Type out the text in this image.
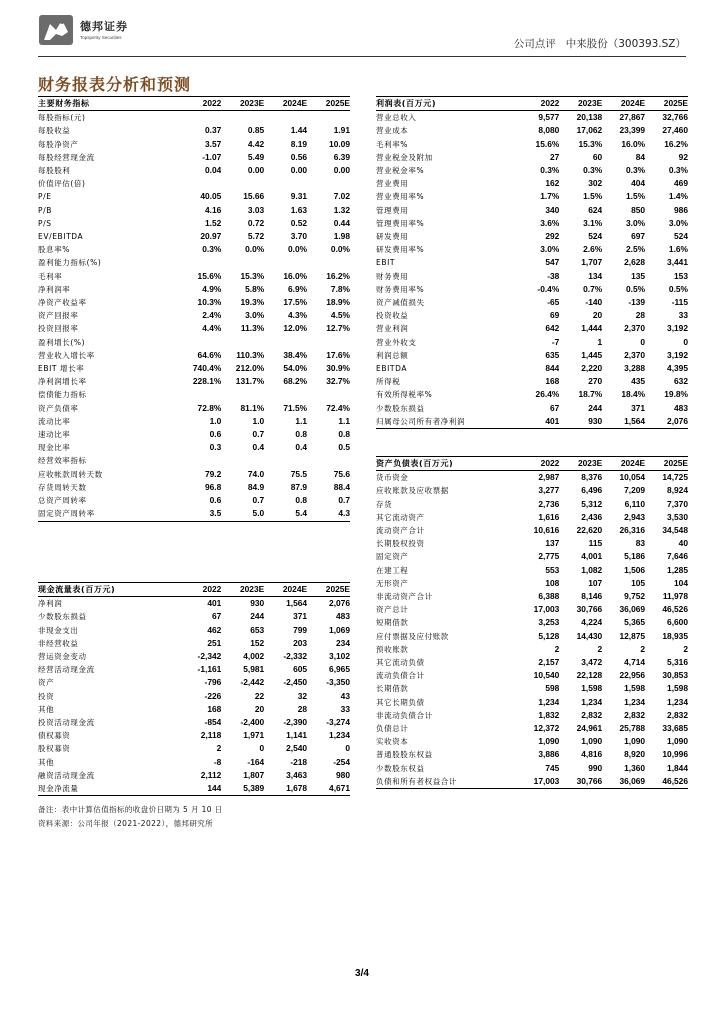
德邦证券
Topsperity Securities
公司点评 中来股份（300393.SZ）
财务报表分析和预测
主要财务指标	2022	2023E	2024E	2025E
每股指标(元)				
每股收益	0.37	0.85	1.44	1.91
每股净资产	3.57	4.42	8.19	10.09
每股经营现金流	-1.07	5.49	0.56	6.39
每股股利	0.04	0.00	0.00	0.00
价值评估(倍)				
P/E	40.05	15.66	9.31	7.02
P/B	4.16	3.03	1.63	1.32
P/S	1.52	0.72	0.52	0.44
EV/EBITDA	20.97	5.72	3.70	1.98
股息率%	0.3%	0.0%	0.0%	0.0%
盈利能力指标(%)				
毛利率	15.6%	15.3%	16.0%	16.2%
净利润率	4.9%	5.8%	6.9%	7.8%
净资产收益率	10.3%	19.3%	17.5%	18.9%
资产回报率	2.4%	3.0%	4.3%	4.5%
投资回报率	4.4%	11.3%	12.0%	12.7%
盈利增长(%)				
营业收入增长率	64.6%	110.3%	38.4%	17.6%
EBIT 增长率	740.4%	212.0%	54.0%	30.9%
净利润增长率	228.1%	131.7%	68.2%	32.7%
偿债能力指标				
资产负债率	72.8%	81.1%	71.5%	72.4%
流动比率	1.0	1.0	1.1	1.1
速动比率	0.6	0.7	0.8	0.8
现金比率	0.3	0.4	0.4	0.5
经营效率指标				
应收帐款周转天数	79.2	74.0	75.5	75.6
存货周转天数	96.8	84.9	87.9	88.4
总资产周转率	0.6	0.7	0.8	0.7
固定资产周转率	3.5	5.0	5.4	4.3
利润表(百万元)	2022	2023E	2024E	2025E
营业总收入	9,577	20,138	27,867	32,766
营业成本	8,080	17,062	23,399	27,460
毛利率%	15.6%	15.3%	16.0%	16.2%
营业税金及附加	27	60	84	92
营业税金率%	0.3%	0.3%	0.3%	0.3%
营业费用	162	302	404	469
营业费用率%	1.7%	1.5%	1.5%	1.4%
管理费用	340	624	850	986
管理费用率%	3.6%	3.1%	3.0%	3.0%
研发费用	292	524	697	524
研发费用率%	3.0%	2.6%	2.5%	1.6%
EBIT	547	1,707	2,628	3,441
财务费用	-38	134	135	153
财务费用率%	-0.4%	0.7%	0.5%	0.5%
资产减值损失	-65	-140	-139	-115
投资收益	69	20	28	33
营业利润	642	1,444	2,370	3,192
营业外收支	-7	1	0	0
利润总额	635	1,445	2,370	3,192
EBITDA	844	2,220	3,288	4,395
所得税	168	270	435	632
有效所得税率%	26.4%	18.7%	18.4%	19.8%
少数股东损益	67	244	371	483
归属母公司所有者净利润	401	930	1,564	2,076
资产负债表(百万元)	2022	2023E	2024E	2025E
货币资金	2,987	8,376	10,054	14,725
应收账款及应收票据	3,277	6,496	7,209	8,924
存货	2,736	5,312	6,110	7,370
其它流动资产	1,616	2,436	2,943	3,530
流动资产合计	10,616	22,620	26,316	34,548
长期股权投资	137	115	83	40
固定资产	2,775	4,001	5,186	7,646
在建工程	553	1,082	1,506	1,285
无形资产	108	107	105	104
非流动资产合计	6,388	8,146	9,752	11,978
资产总计	17,003	30,766	36,069	46,526
短期借款	3,253	4,224	5,365	6,600
应付票据及应付账款	5,128	14,430	12,875	18,935
预收账款	2	2	2	2
其它流动负债	2,157	3,472	4,714	5,316
流动负债合计	10,540	22,128	22,956	30,853
长期借款	598	1,598	1,598	1,598
其它长期负债	1,234	1,234	1,234	1,234
非流动负债合计	1,832	2,832	2,832	2,832
负债总计	12,372	24,961	25,788	33,685
实收资本	1,090	1,090	1,090	1,090
普通股股东权益	3,886	4,816	8,920	10,996
少数股东权益	745	990	1,360	1,844
负债和所有者权益合计	17,003	30,766	36,069	46,526
现金流量表(百万元)	2022	2023E	2024E	2025E
净利润	401	930	1,564	2,076
少数股东损益	67	244	371	483
非现金支出	462	653	799	1,069
非经营收益	251	152	203	234
营运资金变动	-2,342	4,002	-2,332	3,102
经营活动现金流	-1,161	5,981	605	6,965
资产	-796	-2,442	-2,450	-3,350
投资	-226	22	32	43
其他	168	20	28	33
投资活动现金流	-854	-2,400	-2,390	-3,274
债权募资	2,118	1,971	1,141	1,234
股权募资	2	0	2,540	0
其他	-8	-164	-218	-254
融资活动现金流	2,112	1,807	3,463	980
现金净流量	144	5,389	1,678	4,671
备注：表中计算估值指标的收盘价日期为 5 月 10 日
资料来源：公司年报（2021-2022），德邦研究所
3/4
